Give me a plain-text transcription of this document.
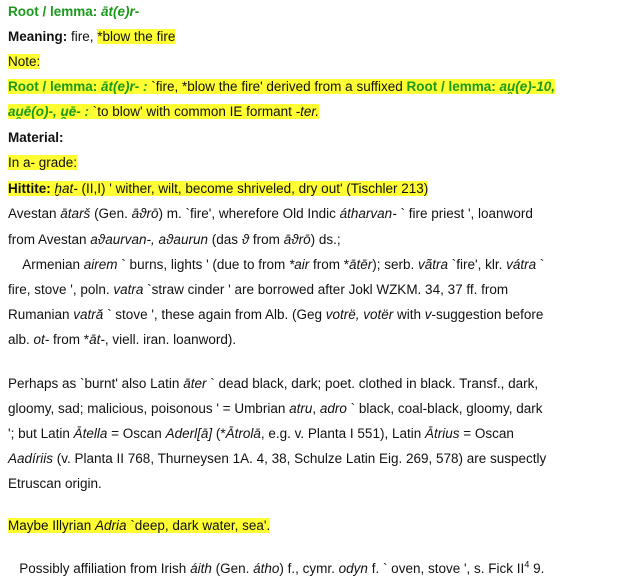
Root / lemma: āt(e)r-
Meaning: fire, *blow the fire
Note:
Root / lemma: āt(e)r- : `fire, *blow the fire' derived from a suffixed Root / lemma: au̯(e)-10,
au̯ē(o)-, u̯ē- : `to blow' with common IE formant -ter.
Material:
In a- grade:
Hittite: ḫat- (II,I) ' wither, wilt, become shriveled, dry out' (Tischler 213)
Avestan ātarš (Gen. āϑrō) m. `fire', wherefore Old Indic átharvan- ` fire priest ', loanword
from Avestan aϑaurvan-, aϑaurun (das ϑ from āϑrō) ds.;
Armenian airem ` burns, lights ' (due to from *air from *ātēr); serb. vãtra `fire', klr. vátra `
fire, stove ', poln. vatra `straw cinder ' are borrowed after Jokl WZKM. 34, 37 ff. from
Rumanian vatră ` stove ', these again from Alb. (Geg votrë, votër with v-suggestion before
alb. ot- from *āt-, viell. iran. loanword).
Perhaps as `burnt' also Latin āter ` dead black, dark; poet. clothed in black. Transf., dark,
gloomy, sad; malicious, poisonous ' = Umbrian atru, adro ` black, coal-black, gloomy, dark
'; but Latin Ātella = Oscan Aderl[ā] (*Ātrolā, e.g. v. Planta I 551), Latin Ātrius = Oscan
Aadíriis (v. Planta II 768, Thurneysen 1A. 4, 38, Schulze Latin Eig. 269, 578) are suspectly
Etruscan origin.
Maybe Illyrian Adria `deep, dark water, sea'.
Possibly affiliation from Irish áith (Gen. átho) f., cymr. odyn f. ` oven, stove ', s. Fick $II^4$ 9.
